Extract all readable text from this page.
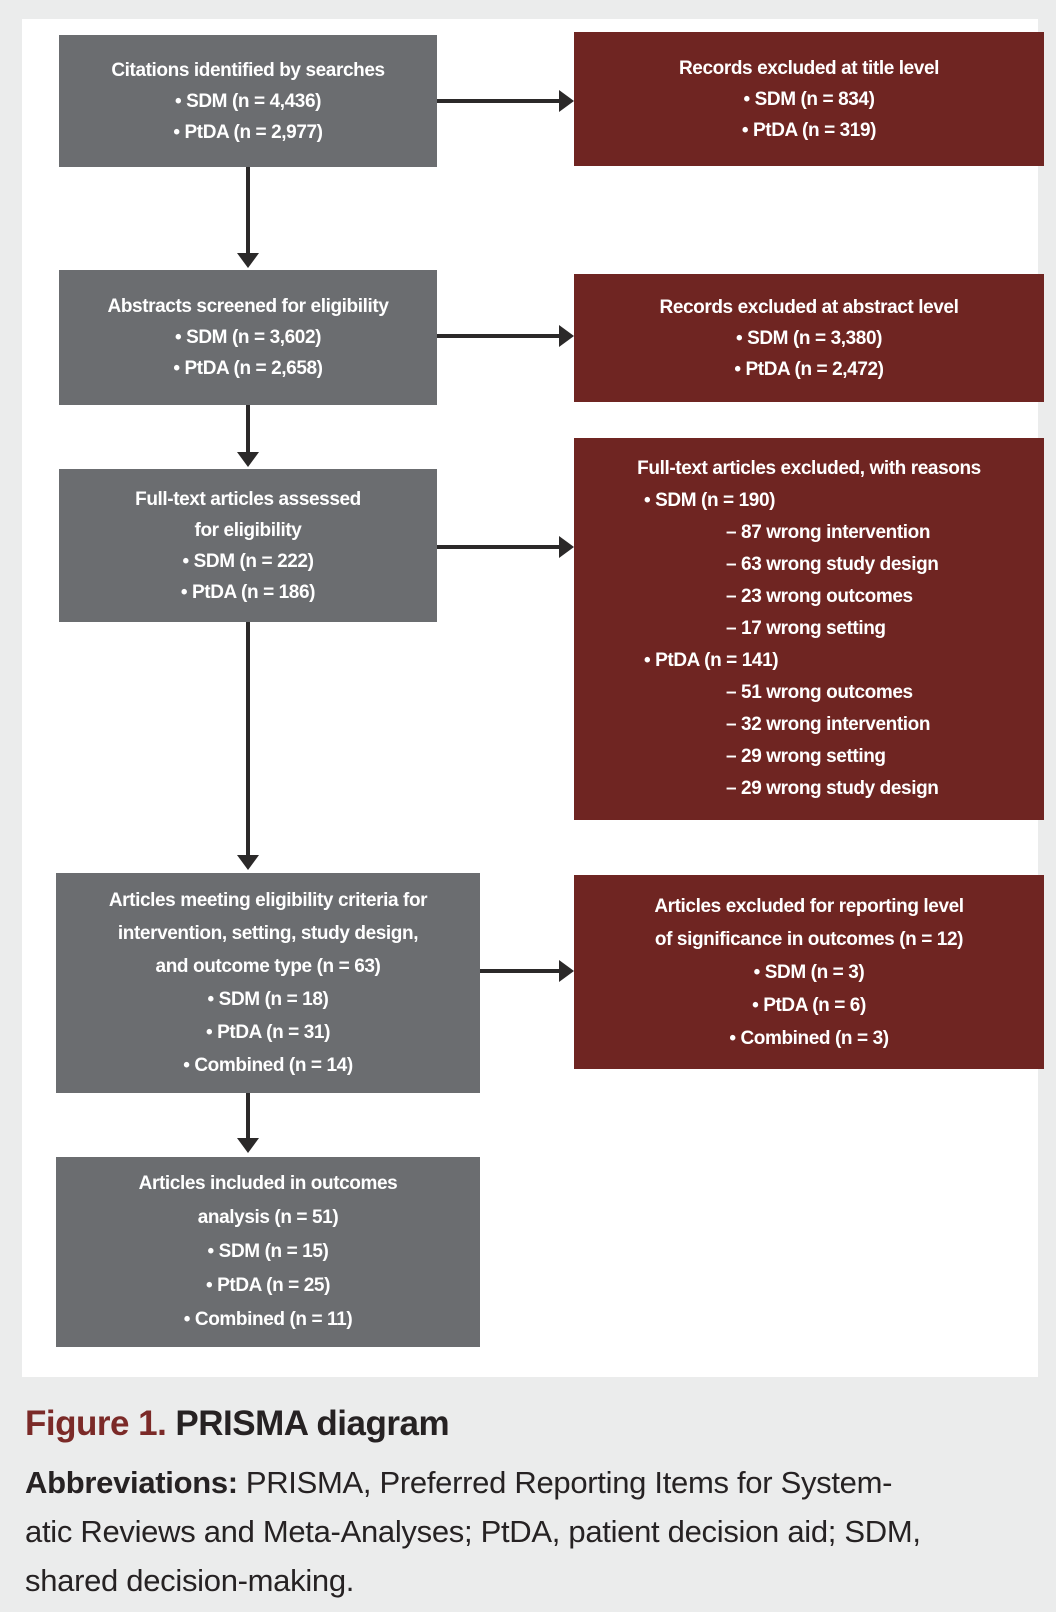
Citations identified by searches
• SDM (n = 4,436)
• PtDA (n = 2,977)
Abstracts screened for eligibility
• SDM (n = 3,602)
• PtDA (n = 2,658)
Full-text articles assessed
for eligibility
• SDM (n = 222)
• PtDA (n = 186)
Articles meeting eligibility criteria for
intervention, setting, study design,
and outcome type (n = 63)
• SDM (n = 18)
• PtDA (n = 31)
• Combined (n = 14)
Articles included in outcomes
analysis (n = 51)
• SDM (n = 15)
• PtDA (n = 25)
• Combined (n = 11)
Records excluded at title level
• SDM (n = 834)
• PtDA (n = 319)
Records excluded at abstract level
• SDM (n = 3,380)
• PtDA (n = 2,472)
Full-text articles excluded, with reasons
• SDM (n = 190)
– 87 wrong intervention
– 63 wrong study design
– 23 wrong outcomes
– 17 wrong setting
• PtDA (n = 141)
– 51 wrong outcomes
– 32 wrong intervention
– 29 wrong setting
– 29 wrong study design
Articles excluded for reporting level
of significance in outcomes (n = 12)
• SDM (n = 3)
• PtDA (n = 6)
• Combined (n = 3)
Figure 1. PRISMA diagram
Abbreviations: PRISMA, Preferred Reporting Items for System-
atic Reviews and Meta-Analyses; PtDA, patient decision aid; SDM,
shared decision-making.
